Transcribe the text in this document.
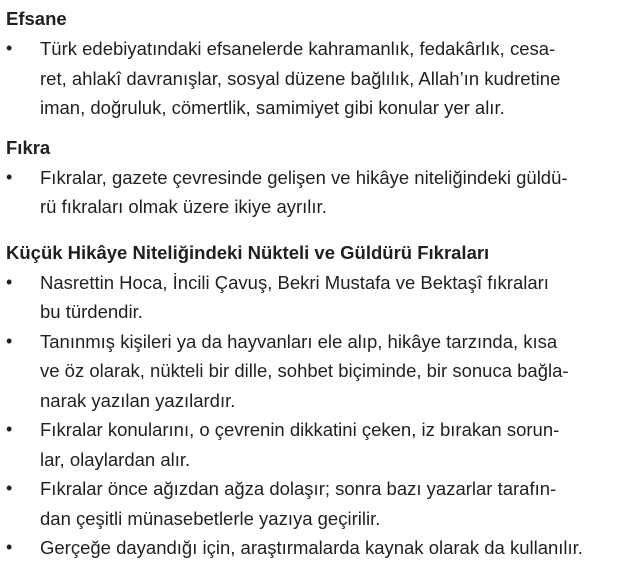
Efsane
•	Türk edebiyatındaki efsanelerde kahramanlık, fedakârlık, cesa-
ret, ahlakî davranışlar, sosyal düzene bağlılık, Allah’ın kudretine
iman, doğruluk, cömertlik, samimiyet gibi konular yer alır.
Fıkra
•	Fıkralar, gazete çevresinde gelişen ve hikâye niteliğindeki güldü-
rü fıkraları olmak üzere ikiye ayrılır.
Küçük Hikâye Niteliğindeki Nükteli ve Güldürü Fıkraları
•	Nasrettin Hoca, İncili Çavuş, Bekri Mustafa ve Bektaşî fıkraları
bu türdendir.
•	Tanınmış kişileri ya da hayvanları ele alıp, hikâye tarzında, kısa
ve öz olarak, nükteli bir dille, sohbet biçiminde, bir sonuca bağla-
narak yazılan yazılardır.
•	Fıkralar konularını, o çevrenin dikkatini çeken, iz bırakan sorun-
lar, olaylardan alır.
•	Fıkralar önce ağızdan ağza dolaşır; sonra bazı yazarlar tarafın-
dan çeşitli münasebetlerle yazıya geçirilir.
•	Gerçeğe dayandığı için, araştırmalarda kaynak olarak da kullanılır.
